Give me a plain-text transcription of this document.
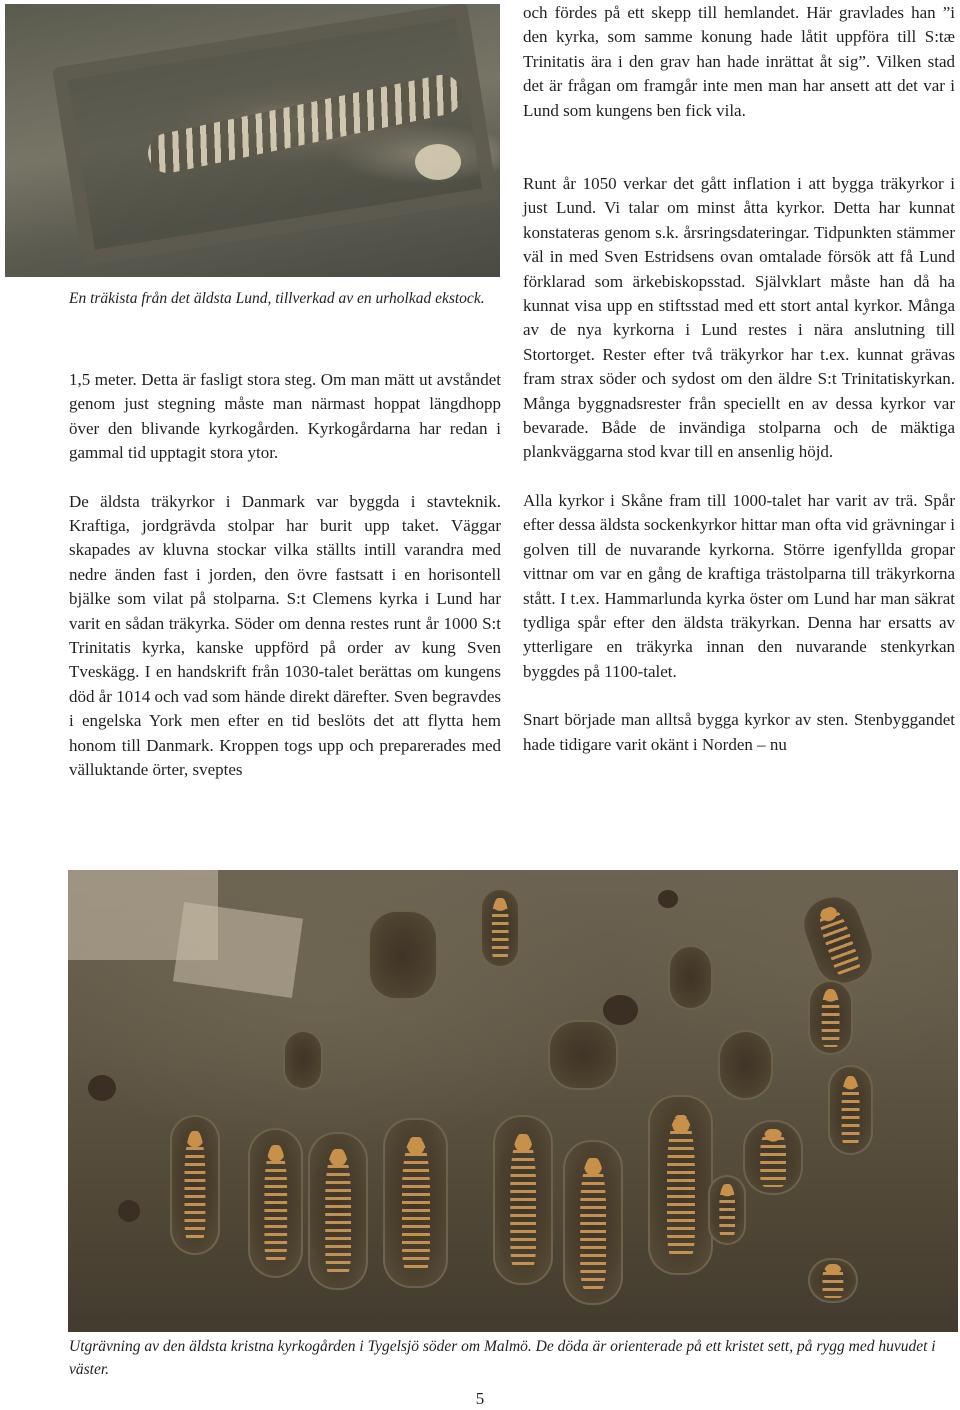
En träkista från det äldsta Lund, tillverkad av en urholkad ekstock.

1,5 meter. Detta är fasligt stora steg. Om man mätt ut avståndet genom just stegning måste man närmast hoppat längdhopp över den blivande kyrkogården. Kyrkogårdarna har redan i gammal tid upptagit stora ytor.

De äldsta träkyrkor i Danmark var byggda i stavteknik. Kraftiga, jordgrävda stolpar har burit upp taket. Väggar skapades av kluvna stockar vilka ställts intill varandra med nedre änden fast i jorden, den övre fastsatt i en horisontell bjälke som vilat på stolparna. S:t Clemens kyrka i Lund har varit en sådan träkyrka. Söder om denna restes runt år 1000 S:t Trinitatis kyrka, kanske uppförd på order av kung Sven Tveskägg. I en handskrift från 1030-talet berättas om kungens död år 1014 och vad som hände direkt därefter. Sven begravdes i engelska York men efter en tid beslöts det att flytta hem honom till Danmark. Kroppen togs upp och preparerades med välluktande örter, sveptes

och fördes på ett skepp till hemlandet. Här gravlades han ”i den kyrka, som samme konung hade låtit uppföra till S:tæ Trinitatis ära i den grav han hade inrättat åt sig”. Vilken stad det är frågan om framgår inte men man har ansett att det var i Lund som kungens ben fick vila.

Runt år 1050 verkar det gått inflation i att bygga träkyrkor i just Lund. Vi talar om minst åtta kyrkor. Detta har kunnat konstateras genom s.k. årsringsdateringar. Tidpunkten stämmer väl in med Sven Estridsens ovan omtalade försök att få Lund förklarad som ärkebiskopsstad. Självklart måste han då ha kunnat visa upp en stiftsstad med ett stort antal kyrkor. Många av de nya kyrkorna i Lund restes i nära anslutning till Stortorget. Rester efter två träkyrkor har t.ex. kunnat grävas fram strax söder och sydost om den äldre S:t Trinitatiskyrkan. Många byggnadsrester från speciellt en av dessa kyrkor var bevarade. Både de invändiga stolparna och de mäktiga plankväggarna stod kvar till en ansenlig höjd.

Alla kyrkor i Skåne fram till 1000-talet har varit av trä. Spår efter dessa äldsta sockenkyrkor hittar man ofta vid grävningar i golven till de nuvarande kyrkorna. Större igenfyllda gropar vittnar om var en gång de kraftiga trästolparna till träkyrkorna stått. I t.ex. Hammarlunda kyrka öster om Lund har man säkrat tydliga spår efter den äldsta träkyrkan. Denna har ersatts av ytterligare en träkyrka innan den nuvarande stenkyrkan byggdes på 1100-talet.

Snart började man alltså bygga kyrkor av sten. Stenbyggandet hade tidigare varit okänt i Norden – nu

Utgrävning av den äldsta kristna kyrkogården i Tygelsjö söder om Malmö. De döda är orienterade på ett kristet sett, på rygg med huvudet i väster.
5
